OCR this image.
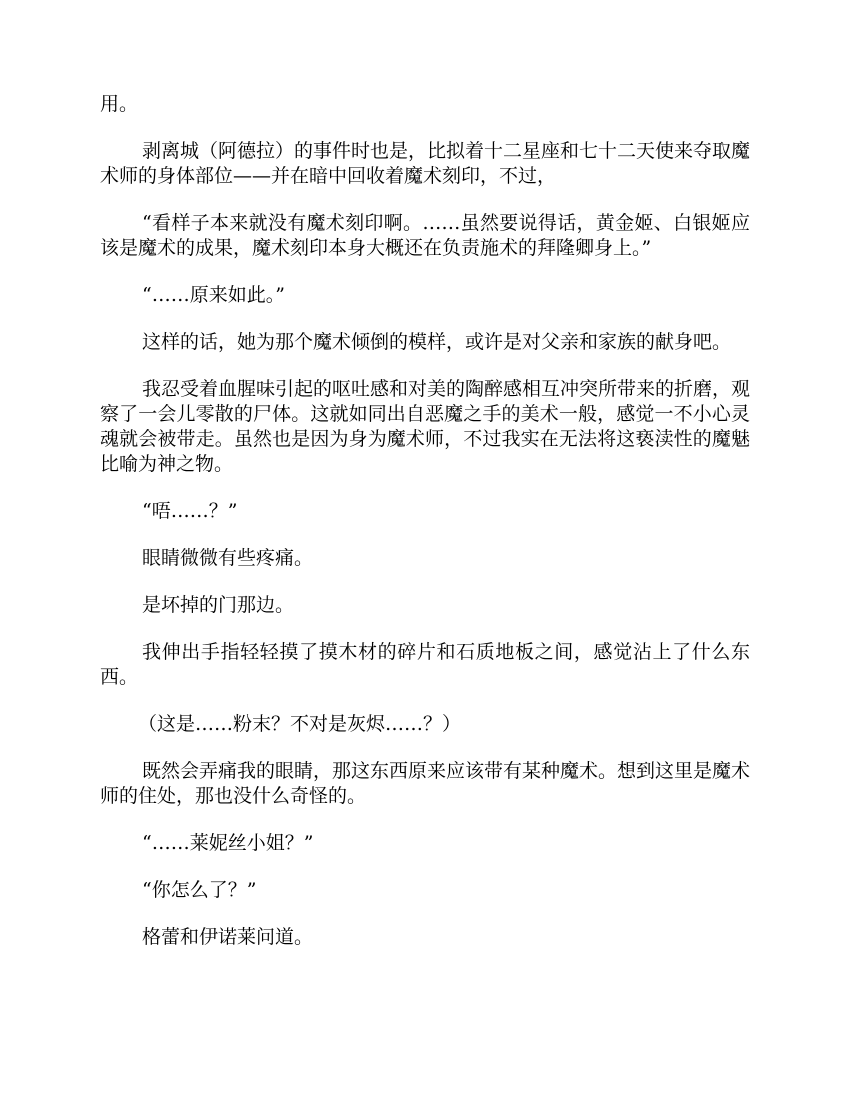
用。

剥离城（阿德拉）的事件时也是，比拟着十二星座和七十二天使来夺取魔术师的身体部位——并在暗中回收着魔术刻印，不过，

“看样子本来就没有魔术刻印啊。……虽然要说得话，黄金姬、白银姬应该是魔术的成果，魔术刻印本身大概还在负责施术的拜隆卿身上。”

“……原来如此。”

这样的话，她为那个魔术倾倒的模样，或许是对父亲和家族的献身吧。

我忍受着血腥味引起的呕吐感和对美的陶醉感相互冲突所带来的折磨，观察了一会儿零散的尸体。这就如同出自恶魔之手的美术一般，感觉一不小心灵魂就会被带走。虽然也是因为身为魔术师，不过我实在无法将这亵渎性的魔魅比喻为神之物。

“唔……？”

眼睛微微有些疼痛。

是坏掉的门那边。

我伸出手指轻轻摸了摸木材的碎片和石质地板之间，感觉沾上了什么东西。

（这是……粉末？不对是灰烬……？）

既然会弄痛我的眼睛，那这东西原来应该带有某种魔术。想到这里是魔术师的住处，那也没什么奇怪的。

“……莱妮丝小姐？”

“你怎么了？”

格蕾和伊诺莱问道。
